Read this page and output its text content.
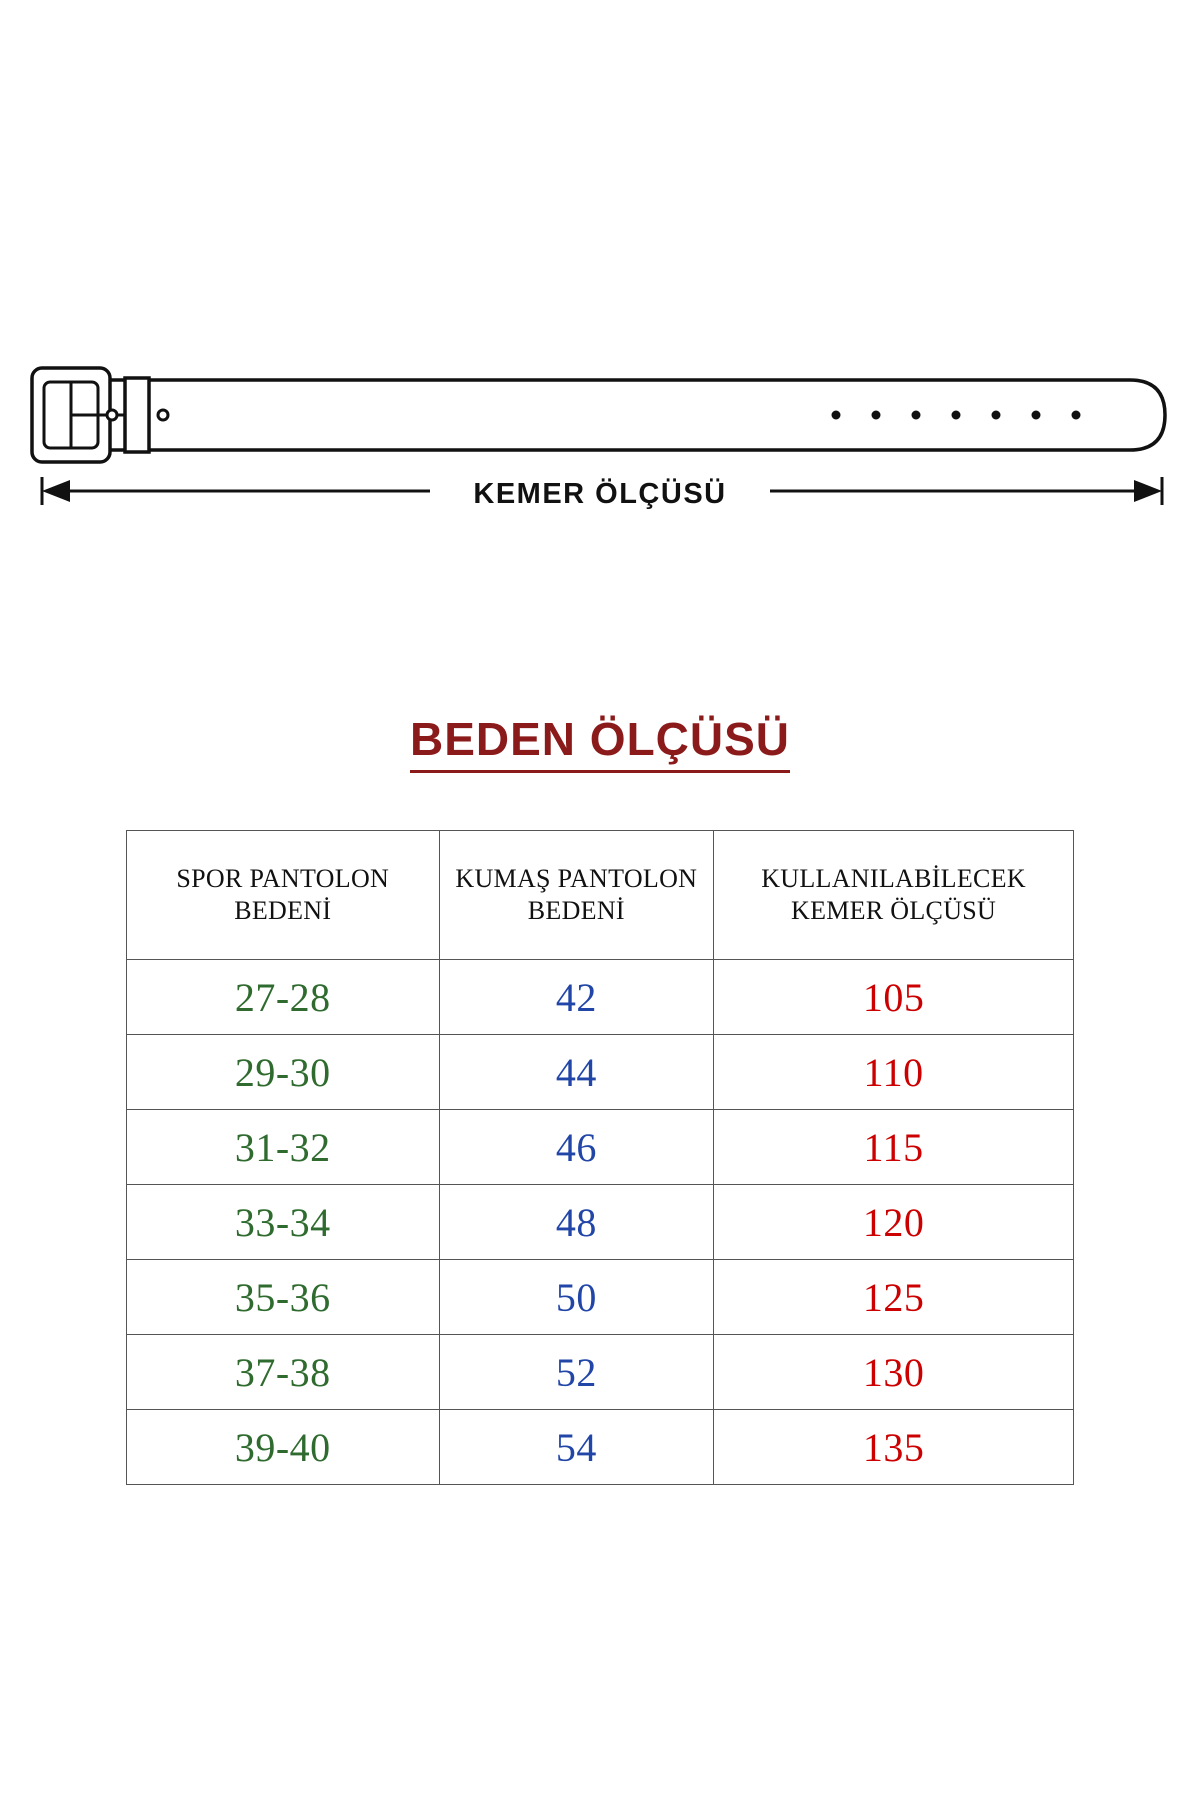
KEMER ÖLÇÜSÜ
BEDEN ÖLÇÜSÜ
SPOR PANTOLON BEDENİ	KUMAŞ PANTOLON BEDENİ	KULLANILABİLECEK KEMER ÖLÇÜSÜ
27-28	42	105
29-30	44	110
31-32	46	115
33-34	48	120
35-36	50	125
37-38	52	130
39-40	54	135
